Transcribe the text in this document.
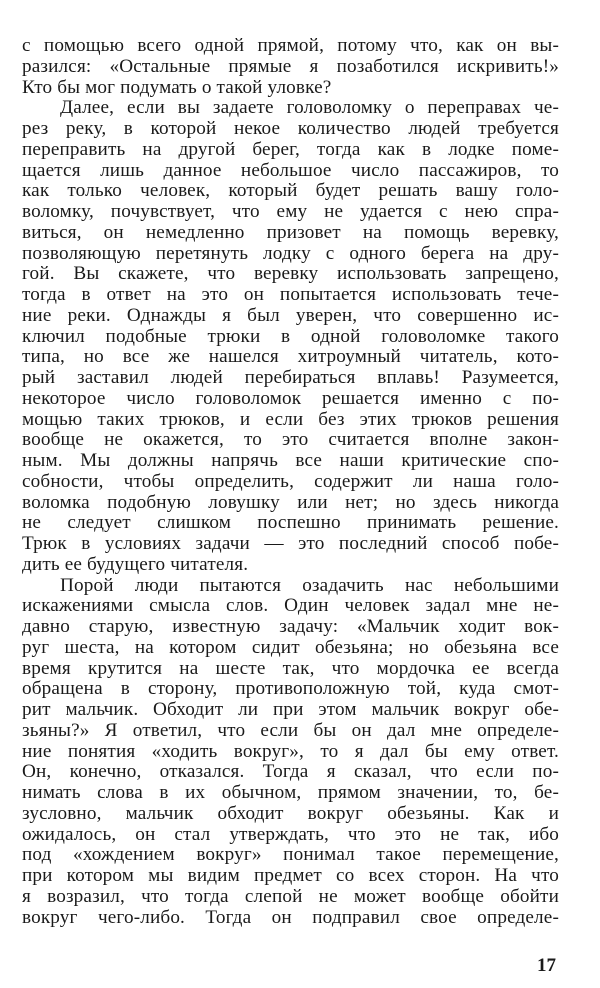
с помощью всего одной прямой, потому что, как он вы-
разился: «Остальные прямые я позаботился искривить!»
Кто бы мог подумать о такой уловке?
Далее, если вы задаете головоломку о переправах че-
рез реку, в которой некое количество людей требуется
переправить на другой берег, тогда как в лодке поме-
щается лишь данное небольшое число пассажиров, то
как только человек, который будет решать вашу голо-
воломку, почувствует, что ему не удается с нею спра-
виться, он немедленно призовет на помощь веревку,
позволяющую перетянуть лодку с одного берега на дру-
гой. Вы скажете, что веревку использовать запрещено,
тогда в ответ на это он попытается использовать тече-
ние реки. Однажды я был уверен, что совершенно ис-
ключил подобные трюки в одной головоломке такого
типа, но все же нашелся хитроумный читатель, кото-
рый заставил людей перебираться вплавь! Разумеется,
некоторое число головоломок решается именно с по-
мощью таких трюков, и если без этих трюков решения
вообще не окажется, то это считается вполне закон-
ным. Мы должны напрячь все наши критические спо-
собности, чтобы определить, содержит ли наша голо-
воломка подобную ловушку или нет; но здесь никогда
не следует слишком поспешно принимать решение.
Трюк в условиях задачи — это последний способ побе-
дить ее будущего читателя.
Порой люди пытаются озадачить нас небольшими
искажениями смысла слов. Один человек задал мне не-
давно старую, известную задачу: «Мальчик ходит вок-
руг шеста, на котором сидит обезьяна; но обезьяна все
время крутится на шесте так, что мордочка ее всегда
обращена в сторону, противоположную той, куда смот-
рит мальчик. Обходит ли при этом мальчик вокруг обе-
зьяны?» Я ответил, что если бы он дал мне определе-
ние понятия «ходить вокруг», то я дал бы ему ответ.
Он, конечно, отказался. Тогда я сказал, что если по-
нимать слова в их обычном, прямом значении, то, бе-
зусловно, мальчик обходит вокруг обезьяны. Как и
ожидалось, он стал утверждать, что это не так, ибо
под «хождением вокруг» понимал такое перемещение,
при котором мы видим предмет со всех сторон. На что
я возразил, что тогда слепой не может вообще обойти
вокруг чего-либо. Тогда он подправил свое определе-
17
